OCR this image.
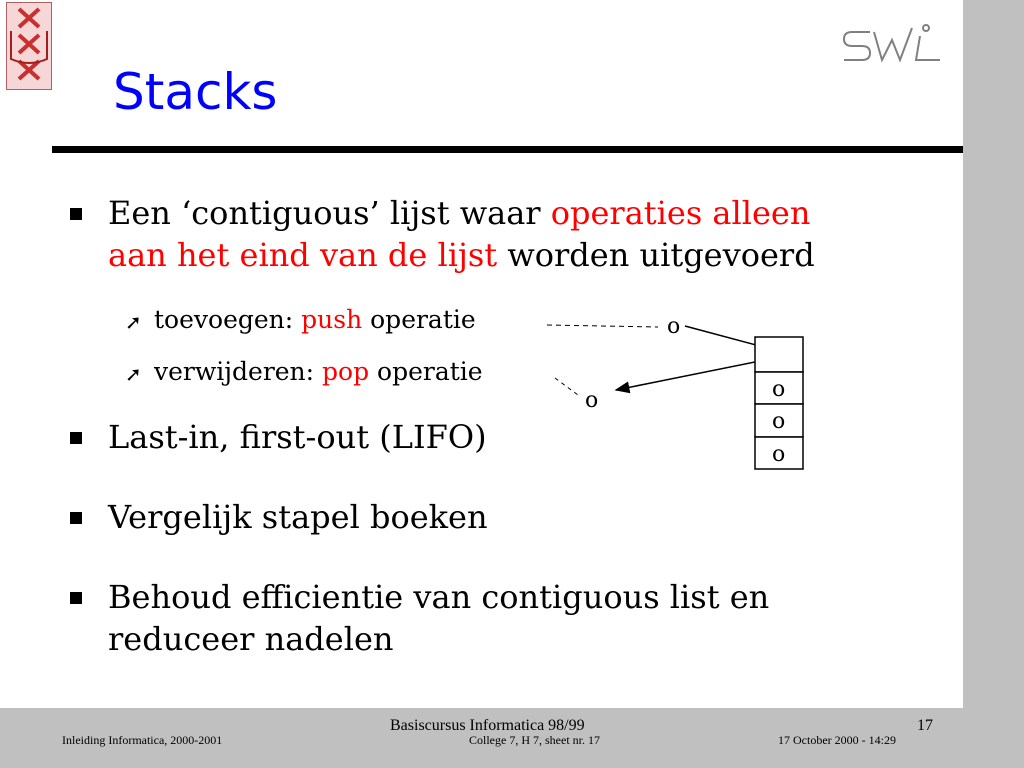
Stacks
Een ‘contiguous’ lijst waar operaties alleen
aan het eind van de lijst worden uitgevoerd
➚ toevoegen: push operatie
➚ verwijderen: pop operatie
Last-in, first-out (LIFO)
Vergelijk stapel boeken
Behoud efficientie van contiguous list en
reduceer nadelen
o
o	o
o
o
Inleiding Informatica, 2000-2001
Basiscursus Informatica 98/99
College 7, H 7, sheet nr. 17
17
17 October 2000 - 14:29
